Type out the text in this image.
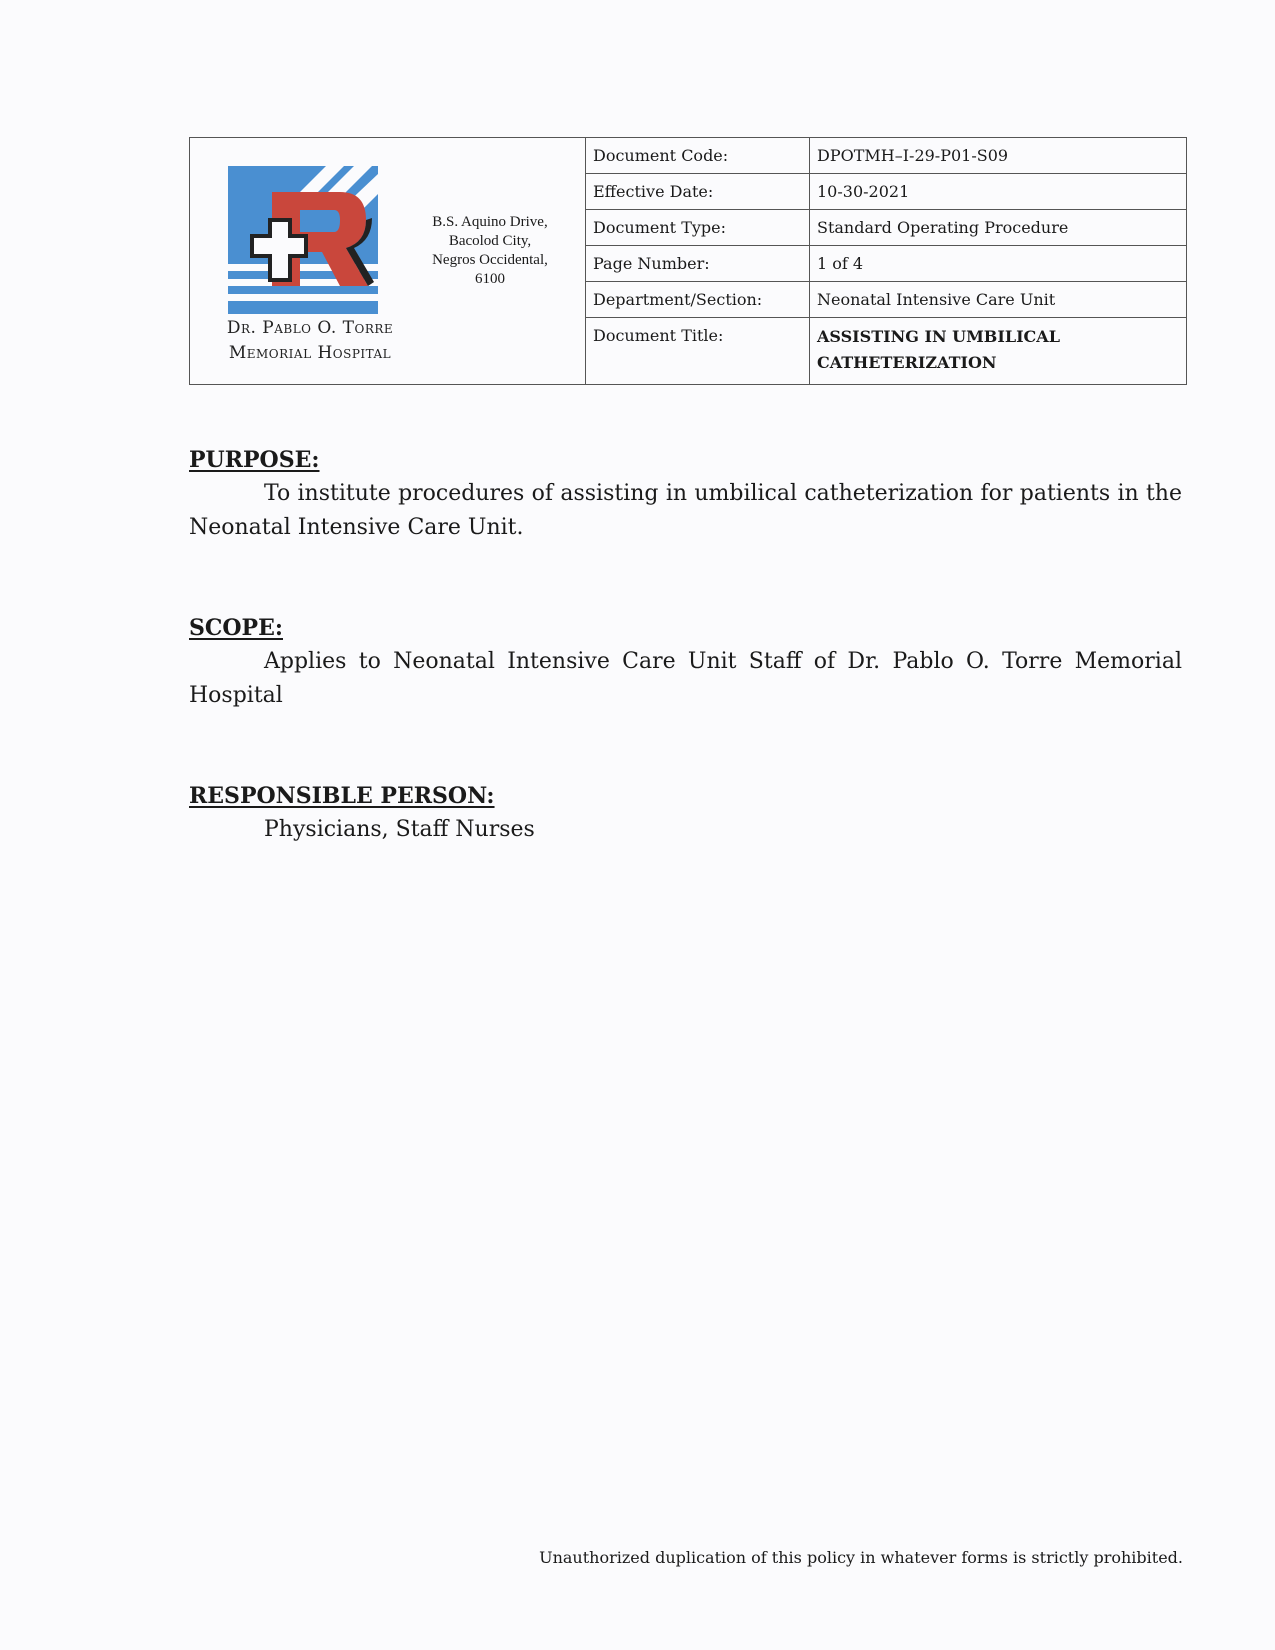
Dr. Pablo O. Torre
Memorial Hospital
B.S. Aquino Drive,
Bacolod City,
Negros Occidental,
6100
Document Code:	DPOTMH–I-29-P01-S09
Effective Date:	10-30-2021
Document Type:	Standard Operating Procedure
Page Number:	1 of 4
Department/Section:	Neonatal Intensive Care Unit
Document Title:	ASSISTING IN UMBILICAL CATHETERIZATION
PURPOSE:
To institute procedures of assisting in umbilical catheterization for patients in the Neonatal Intensive Care Unit.
SCOPE:
Applies to Neonatal Intensive Care Unit Staff of Dr. Pablo O. Torre Memorial Hospital
RESPONSIBLE PERSON:
Physicians, Staff Nurses
Unauthorized duplication of this policy in whatever forms is strictly prohibited.
